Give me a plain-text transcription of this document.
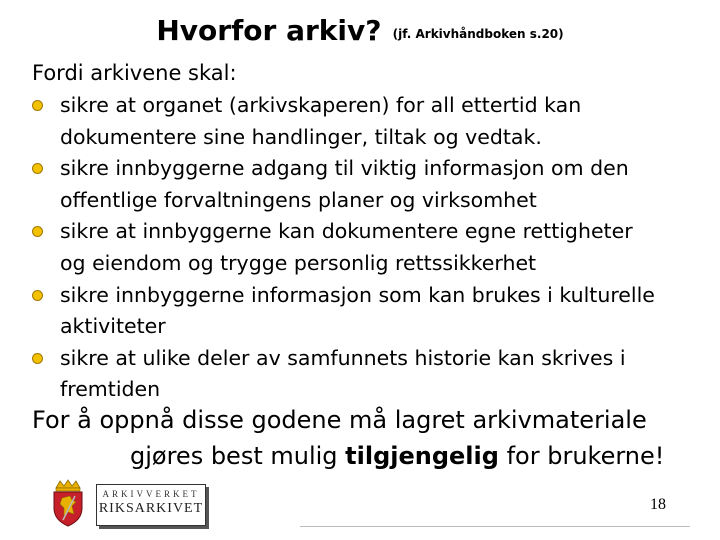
Hvorfor arkiv? (jf. Arkivhåndboken s.20)
Fordi arkivene skal:
sikre at organet (arkivskaperen) for all ettertid kan
dokumentere sine handlinger, tiltak og vedtak.
sikre innbyggerne adgang til viktig informasjon om den
offentlige forvaltningens planer og virksomhet
sikre at innbyggerne kan dokumentere egne rettigheter
og eiendom og trygge personlig rettssikkerhet
sikre innbyggerne informasjon som kan brukes i kulturelle
aktiviteter
sikre at ulike deler av samfunnets historie kan skrives i
fremtiden
For å oppnå disse godene må lagret arkivmateriale
gjøres best mulig tilgjengelig for brukerne!
ARKIVVERKET
RIKSARKIVET	18
